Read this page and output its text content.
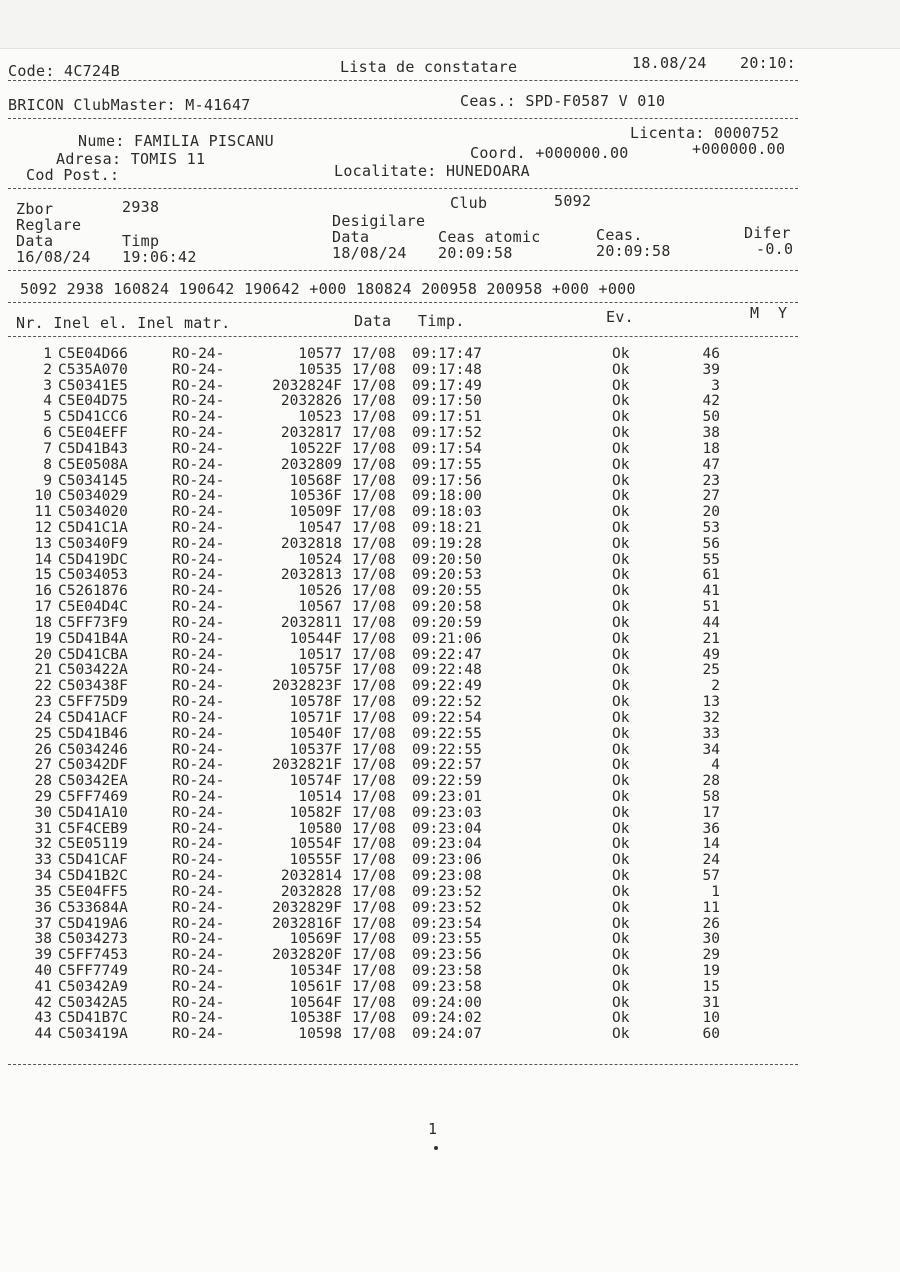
Code: 4C724B	Lista de constatare	18.08/24 20:10:
BRICON ClubMaster: M-41647	Ceas.: SPD-F0587 V 010
Nume: FAMILIA PISCANU	Licenta: 0000752
Adresa: TOMIS 11	Coord. +000000.00	+000000.00
Cod Post.:	Localitate: HUNEDOARA
Zbor	2938	Club	5092
Reglare	Desigilare
Data	Timp	Data	Ceas atomic	Ceas.	Difer
16/08/24 19:06:42	18/08/24 20:09:58	20:09:58	-0.0
5092 2938 160824 190642 190642 +000 180824 200958 200958 +000 +000
Nr. Inel el. Inel matr.	Data Timp.	Ev.	M  Y
1 C5E04D66	RO-24-	10577 17/08 09:17:47	Ok	46
2 C535A070	RO-24-	10535 17/08 09:17:48	Ok	39
3 C50341E5	RO-24-	2032824F 17/08 09:17:49	Ok	3
4 C5E04D75	RO-24-	2032826 17/08 09:17:50	Ok	42
5 C5D41CC6	RO-24-	10523 17/08 09:17:51	Ok	50
6 C5E04EFF	RO-24-	2032817 17/08 09:17:52	Ok	38
7 C5D41B43	RO-24-	10522F 17/08 09:17:54	Ok	18
8 C5E0508A	RO-24-	2032809 17/08 09:17:55	Ok	47
9 C5034145	RO-24-	10568F 17/08 09:17:56	Ok	23
10 C5034029	RO-24-	10536F 17/08 09:18:00	Ok	27
11 C5034020	RO-24-	10509F 17/08 09:18:03	Ok	20
12 C5D41C1A	RO-24-	10547 17/08 09:18:21	Ok	53
13 C50340F9	RO-24-	2032818 17/08 09:19:28	Ok	56
14 C5D419DC	RO-24-	10524 17/08 09:20:50	Ok	55
15 C5034053	RO-24-	2032813 17/08 09:20:53	Ok	61
16 C5261876	RO-24-	10526 17/08 09:20:55	Ok	41
17 C5E04D4C	RO-24-	10567 17/08 09:20:58	Ok	51
18 C5FF73F9	RO-24-	2032811 17/08 09:20:59	Ok	44
19 C5D41B4A	RO-24-	10544F 17/08 09:21:06	Ok	21
20 C5D41CBA	RO-24-	10517 17/08 09:22:47	Ok	49
21 C503422A	RO-24-	10575F 17/08 09:22:48	Ok	25
22 C503438F	RO-24-	2032823F 17/08 09:22:49	Ok	2
23 C5FF75D9	RO-24-	10578F 17/08 09:22:52	Ok	13
24 C5D41ACF	RO-24-	10571F 17/08 09:22:54	Ok	32
25 C5D41B46	RO-24-	10540F 17/08 09:22:55	Ok	33
26 C5034246	RO-24-	10537F 17/08 09:22:55	Ok	34
27 C50342DF	RO-24-	2032821F 17/08 09:22:57	Ok	4
28 C50342EA	RO-24-	10574F 17/08 09:22:59	Ok	28
29 C5FF7469	RO-24-	10514 17/08 09:23:01	Ok	58
30 C5D41A10	RO-24-	10582F 17/08 09:23:03	Ok	17
31 C5F4CEB9	RO-24-	10580 17/08 09:23:04	Ok	36
32 C5E05119	RO-24-	10554F 17/08 09:23:04	Ok	14
33 C5D41CAF	RO-24-	10555F 17/08 09:23:06	Ok	24
34 C5D41B2C	RO-24-	2032814 17/08 09:23:08	Ok	57
35 C5E04FF5	RO-24-	2032828 17/08 09:23:52	Ok	1
36 C533684A	RO-24-	2032829F 17/08 09:23:52	Ok	11
37 C5D419A6	RO-24-	2032816F 17/08 09:23:54	Ok	26
38 C5034273	RO-24-	10569F 17/08 09:23:55	Ok	30
39 C5FF7453	RO-24-	2032820F 17/08 09:23:56	Ok	29
40 C5FF7749	RO-24-	10534F 17/08 09:23:58	Ok	19
41 C50342A9	RO-24-	10561F 17/08 09:23:58	Ok	15
42 C50342A5	RO-24-	10564F 17/08 09:24:00	Ok	31
43 C5D41B7C	RO-24-	10538F 17/08 09:24:02	Ok	10
44 C503419A	RO-24-	10598 17/08 09:24:07	Ok	60
1
